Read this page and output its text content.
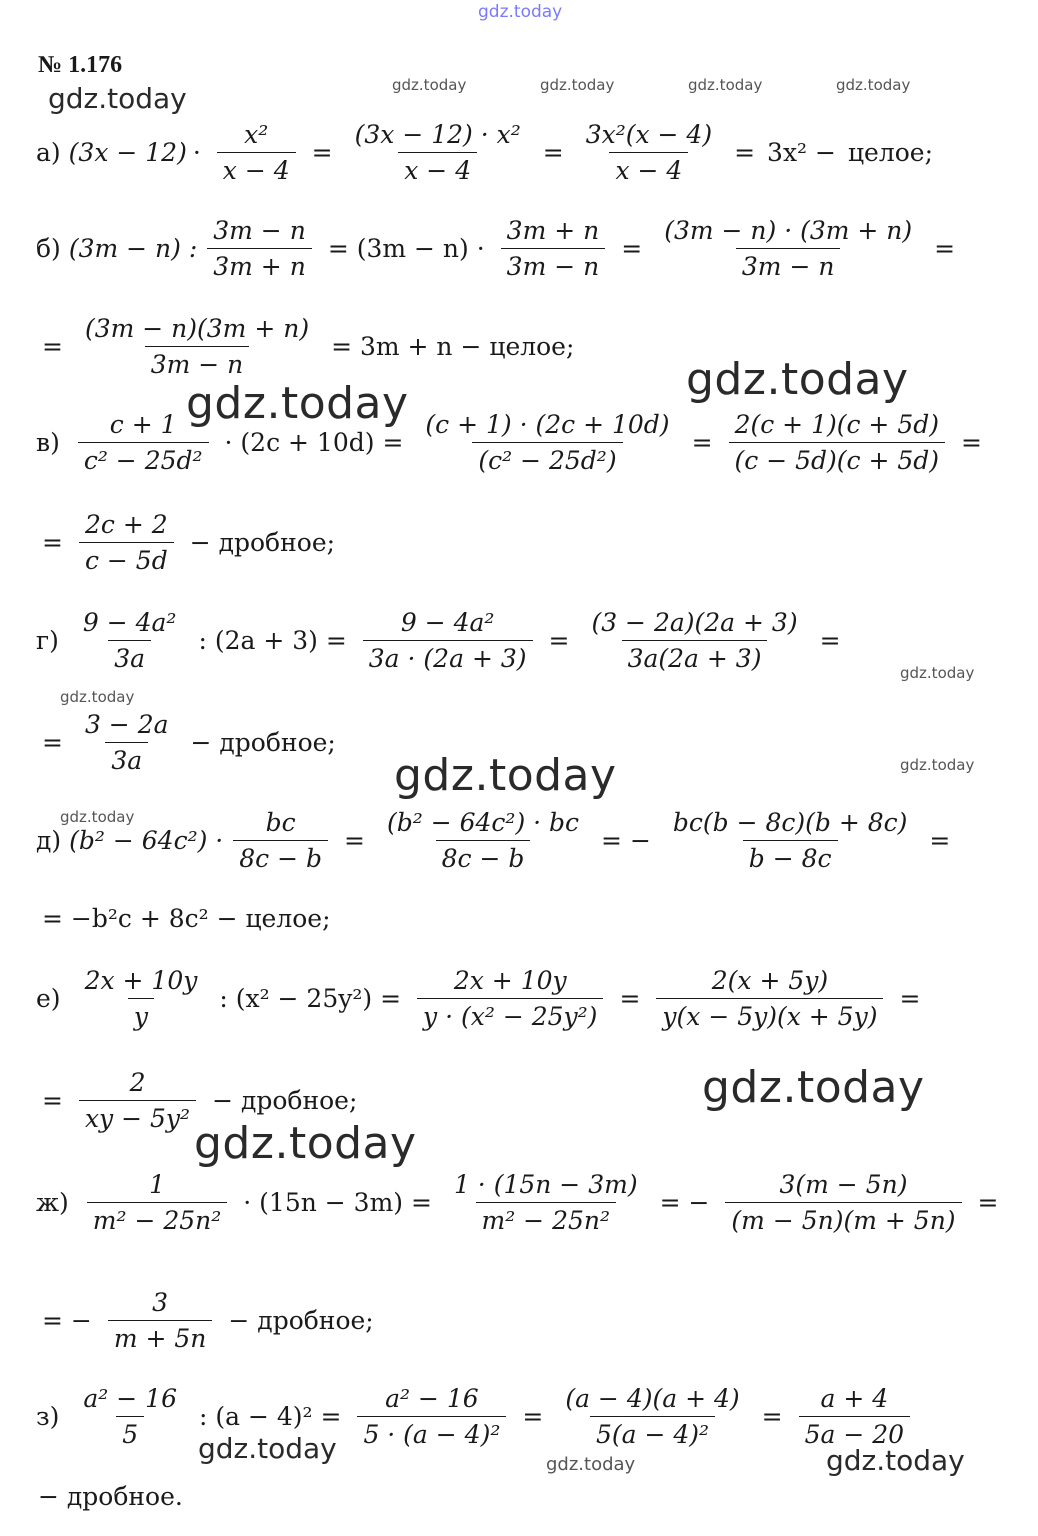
gdz.today
gdz.today	gdz.today	gdz.today	gdz.today
gdz.today
gdz.today
gdz.today
gdz.today
gdz.today
gdz.today	gdz.today
gdz.today
gdz.today
gdz.today
gdz.today	gdz.today	gdz.today
№ 1.176
а) $(3x - 12) \cdot \frac{\text{x²}}{x - 4} = \frac{\text{(3x − 12) · x²}}{x - 4} = \frac{\text{3x²(x − 4)}}{x - 4} = 3x^2$ − целое;
б) (3m − n) : $\frac{3m - n}{3m + n} = (3m - n) \cdot \frac{3m + n}{3m - n} = \frac{(3m - n) \cdot (3m + n)}{3m - n}$ =
= $\frac{(3m - n)(3m + n)}{3m - n} = 3m + n$ − целое;
$в) \frac{c + 1}{\text{c² − 25d²}} \cdot (2c + 10d) = \frac{(c + 1) \cdot (2c + 10d)}{\text{(c² − 25d²)}} = \frac{2(c + 1)(c + 5d)}{(c - 5d)(c + 5d)}$ =
= $\frac{2c + 2}{c - 5d}$ − дробное;
$г) \frac{\text{9 − 4a²}}{3a}$ : $(2a + 3) = \frac{\text{9 − 4a²}}{3a \cdot (2a + 3)} = \frac{(3 - 2a)(2a + 3)}{3a(2a + 3)}$ =
= $\frac{3 - 2a}{3a}$ − дробное;
д) $(b^2 - 64c^2) \cdot \frac{bc}{8c - b} = \frac{\text{(b² − 64c²) · bc}}{8c - b}$ = − $\frac{bc(b - 8c)(b + 8c)}{b - 8c}$ =
= −b²c + 8c² − целое;
$е) \frac{2x + 10y}{y}$ : $(x^2 - 25y^2) = \frac{2x + 10y}{\text{y · (x² − 25y²)}} = \frac{2(x + 5y)}{y(x - 5y)(x + 5y)}$ =
= $\frac{2}{\text{xy − 5y²}}$ − дробное;
$ж) \frac{1}{\text{m² − 25n²}} \cdot (15n - 3m) = \frac{1 \cdot (15n - 3m)}{\text{m² − 25n²}}$ = − $\frac{3(m - 5n)}{(m - 5n)(m + 5n)}$ =
= − $\frac{3}{m + 5n}$ − дробное;
$з) \frac{\text{a² − 16}}{5}$ : $(a - 4)^2 = \frac{\text{a² − 16}}{\text{5 · (a − 4)²}} = \frac{(a - 4)(a + 4)}{\text{5(a − 4)²}} = \frac{a + 4}{5a - 20}$
− дробное.
